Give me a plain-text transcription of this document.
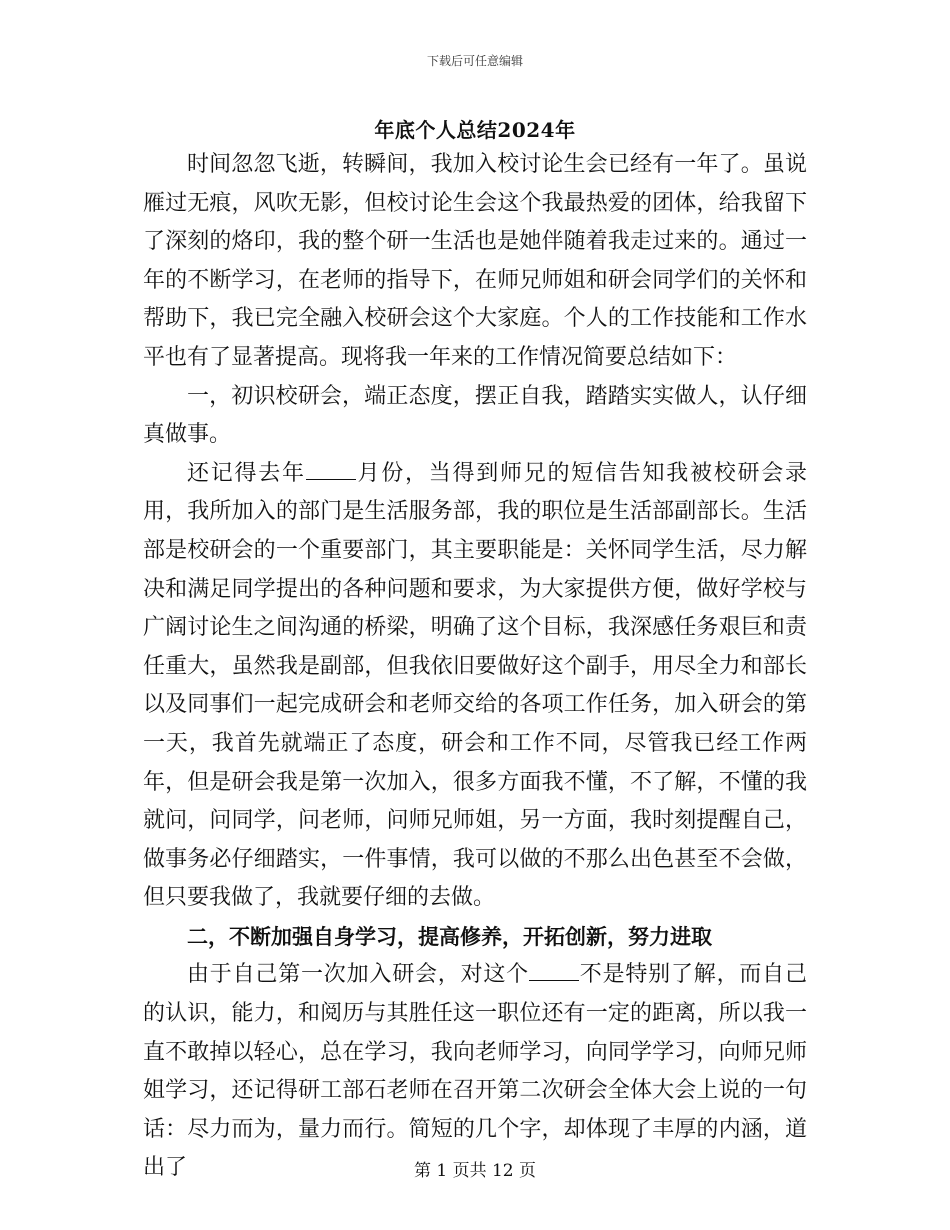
下载后可任意编辑
年底个人总结2024年

时间忽忽飞逝，转瞬间，我加入校讨论生会已经有一年了。虽说雁过无痕，风吹无影，但校讨论生会这个我最热爱的团体，给我留下了深刻的烙印，我的整个研一生活也是她伴随着我走过来的。通过一年的不断学习，在老师的指导下，在师兄师姐和研会同学们的关怀和帮助下，我已完全融入校研会这个大家庭。个人的工作技能和工作水平也有了显著提高。现将我一年来的工作情况简要总结如下：

一，初识校研会，端正态度，摆正自我，踏踏实实做人，认仔细真做事。

还记得去年 月份，当得到师兄的短信告知我被校研会录用，我所加入的部门是生活服务部，我的职位是生活部副部长。生活部是校研会的一个重要部门，其主要职能是：关怀同学生活，尽力解决和满足同学提出的各种问题和要求，为大家提供方便，做好学校与广阔讨论生之间沟通的桥梁，明确了这个目标，我深感任务艰巨和责任重大，虽然我是副部，但我依旧要做好这个副手，用尽全力和部长以及同事们一起完成研会和老师交给的各项工作任务，加入研会的第一天，我首先就端正了态度，研会和工作不同，尽管我已经工作两年，但是研会我是第一次加入，很多方面我不懂，不了解，不懂的我就问，问同学，问老师，问师兄师姐，另一方面，我时刻提醒自己，做事务必仔细踏实，一件事情，我可以做的不那么出色甚至不会做，但只要我做了，我就要仔细的去做。

二，不断加强自身学习，提高修养，开拓创新，努力进取

由于自己第一次加入研会，对这个 不是特别了解，而自己的认识，能力，和阅历与其胜任这一职位还有一定的距离，所以我一直不敢掉以轻心，总在学习，我向老师学习，向同学学习，向师兄师姐学习，还记得研工部石老师在召开第二次研会全体大会上说的一句话：尽力而为，量力而行。简短的几个字，却体现了丰厚的内涵，道出了	第 1 页共 12 页
